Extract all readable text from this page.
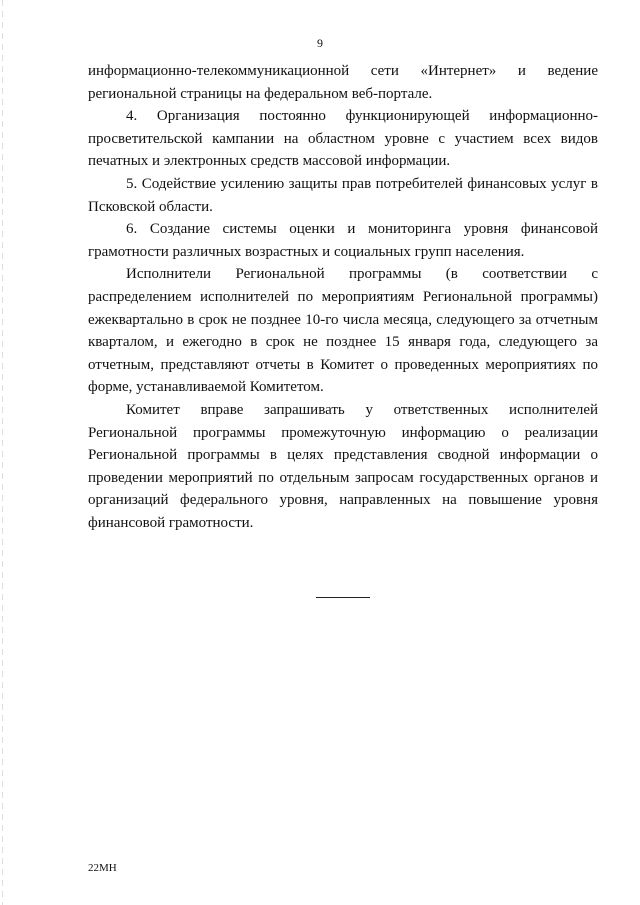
9

информационно-телекоммуникационной сети «Интернет» и ведение региональной страницы на федеральном веб-портале.

4. Организация постоянно функционирующей информационно-просветительской кампании на областном уровне с участием всех видов печатных и электронных средств массовой информации.

5. Содействие усилению защиты прав потребителей финансовых услуг в Псковской области.

6. Создание системы оценки и мониторинга уровня финансовой грамотности различных возрастных и социальных групп населения.

Исполнители Региональной программы (в соответствии с распределением исполнителей по мероприятиям Региональной программы) ежеквартально в срок не позднее 10-го числа месяца, следующего за отчетным кварталом, и ежегодно в срок не позднее 15 января года, следующего за отчетным, представляют отчеты в Комитет о проведенных мероприятиях по форме, устанавливаемой Комитетом.

Комитет вправе запрашивать у ответственных исполнителей Региональной программы промежуточную информацию о реализации Региональной программы в целях представления сводной информации о проведении мероприятий по отдельным запросам государственных органов и организаций федерального уровня, направленных на повышение уровня финансовой грамотности.

22МН
